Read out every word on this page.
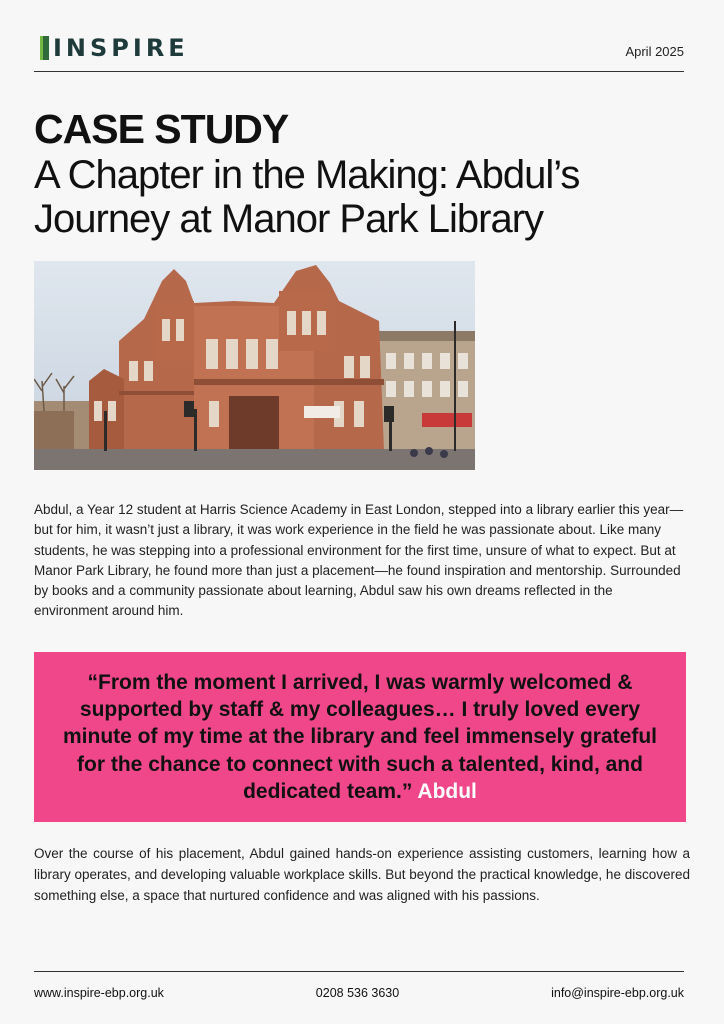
INSPIRE	April 2025
CASE STUDY
A Chapter in the Making: Abdul’s Journey at Manor Park Library

Abdul, a Year 12 student at Harris Science Academy in East London, stepped into a library earlier this year—but for him, it wasn’t just a library, it was work experience in the field he was passionate about. Like many students, he was stepping into a professional environment for the first time, unsure of what to expect. But at Manor Park Library, he found more than just a placement—he found inspiration and mentorship. Surrounded by books and a community passionate about learning, Abdul saw his own dreams reflected in the environment around him.

“From the moment I arrived, I was warmly welcomed & supported by staff & my colleagues… I truly loved every minute of my time at the library and feel immensely grateful for the chance to connect with such a talented, kind, and dedicated team.” Abdul

Over the course of his placement, Abdul gained hands-on experience assisting customers, learning how a library operates, and developing valuable workplace skills. But beyond the practical knowledge, he discovered something else, a space that nurtured confidence and was aligned with his passions.

www.inspire-ebp.org.uk	0208 536 3630	info@inspire-ebp.org.uk
